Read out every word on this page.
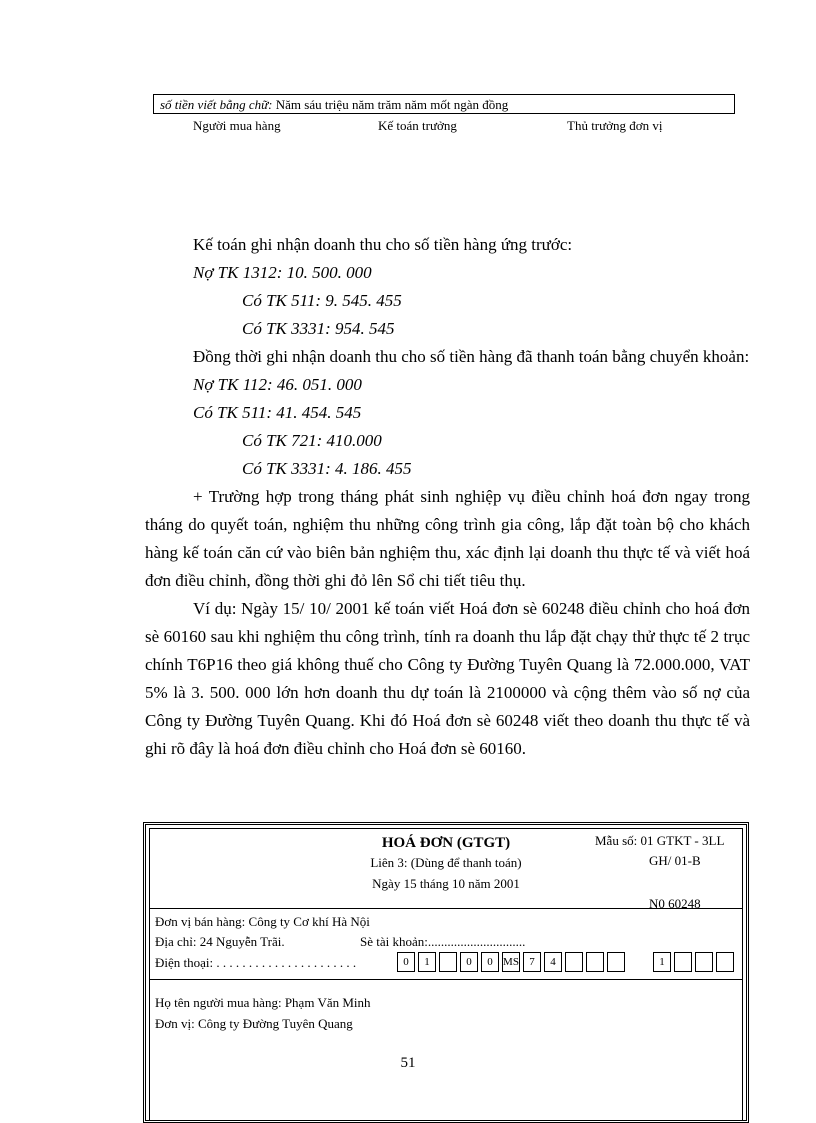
số tiền viết bằng chữ: Năm sáu triệu năm trăm năm mốt ngàn đồng
Người mua hàng	Kế toán trưởng	Thủ trưởng đơn vị

Kế toán ghi nhận doanh thu cho số tiền hàng ứng trước:

Nợ TK 1312: 10. 500. 000

Có TK 511: 9. 545. 455

Có TK 3331: 954. 545

Đồng thời ghi nhận doanh thu cho số tiền hàng đã thanh toán bằng chuyển khoản:

Nợ TK 112: 46. 051. 000

Có TK 511: 41. 454. 545

Có TK 721: 410.000

Có TK 3331: 4. 186. 455

+ Trường hợp trong tháng phát sinh nghiệp vụ điều chỉnh hoá đơn ngay trong tháng do quyết toán, nghiệm thu những công trình gia công, lắp đặt toàn bộ cho khách hàng kế toán căn cứ vào biên bản nghiệm thu, xác định lại doanh thu thực tế và viết hoá đơn điều chỉnh, đồng thời ghi đỏ lên Sổ chi tiết tiêu thụ.

Ví dụ: Ngày 15/ 10/ 2001 kế toán viết Hoá đơn sè 60248 điều chỉnh cho hoá đơn sè 60160 sau khi nghiệm thu công trình, tính ra doanh thu lắp đặt chạy thử thực tế 2 trục chính T6P16 theo giá không thuế cho Công ty Đường Tuyên Quang là 72.000.000, VAT 5% là 3. 500. 000 lớn hơn doanh thu dự toán là 2100000 và cộng thêm vào số nợ của Công ty Đường Tuyên Quang. Khi đó Hoá đơn sè 60248 viết theo doanh thu thực tế và ghi rõ đây là hoá đơn điều chỉnh cho Hoá đơn sè 60160.

HOÁ ĐƠN (GTGT)
Liên 3: (Dùng để thanh toán)
Ngày 15 tháng 10 năm 2001
Mẫu số: 01 GTKT - 3LL
GH/ 01-B
N0 60248
Đơn vị bán hàng: Công ty Cơ khí Hà Nội
Địa chỉ: 24 Nguyễn Trãi.	Sè tài khoản:..............................
Điện thoại: . . . . . . . . . . . . . . . . . . . . . .	0	1	0	0 MS 7	4	1
Họ tên người mua hàng: Phạm Văn Minh
Đơn vị: Công ty Đường Tuyên Quang
51
